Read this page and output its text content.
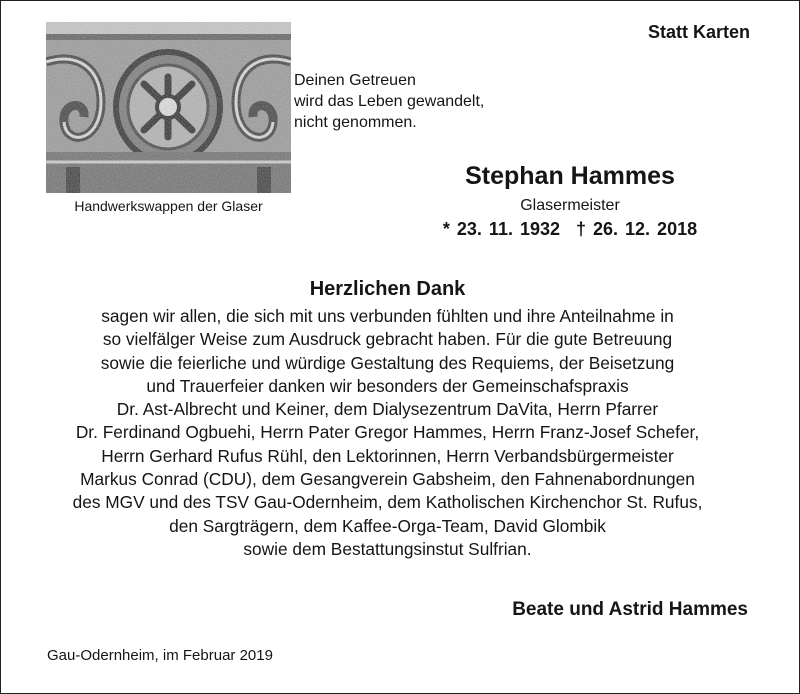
Statt Karten
Handwerkswappen der Glaser
Deinen Getreuen
wird das Leben gewandelt,
nicht genommen.
Stephan Hammes
Glasermeister
* 23. 11. 1932 † 26. 12. 2018
Herzlichen Dank
sagen wir allen, die sich mit uns verbunden fühlten und ihre Anteilnahme in
so vielfälger Weise zum Ausdruck gebracht haben. Für die gute Betreuung
sowie die feierliche und würdige Gestaltung des Requiems, der Beisetzung
und Trauerfeier danken wir besonders der Gemeinschafspraxis
Dr. Ast-Albrecht und Keiner, dem Dialysezentrum DaVita, Herrn Pfarrer
Dr. Ferdinand Ogbuehi, Herrn Pater Gregor Hammes, Herrn Franz-Josef Schefer,
Herrn Gerhard Rufus Rühl, den Lektorinnen, Herrn Verbandsbürgermeister
Markus Conrad (CDU), dem Gesangverein Gabsheim, den Fahnenabordnungen
des MGV und des TSV Gau-Odernheim, dem Katholischen Kirchenchor St. Rufus,
den Sargträgern, dem Kaffee-Orga-Team, David Glombik
sowie dem Bestattungsinstut Sulfrian.
Beate und Astrid Hammes
Gau-Odernheim, im Februar 2019
